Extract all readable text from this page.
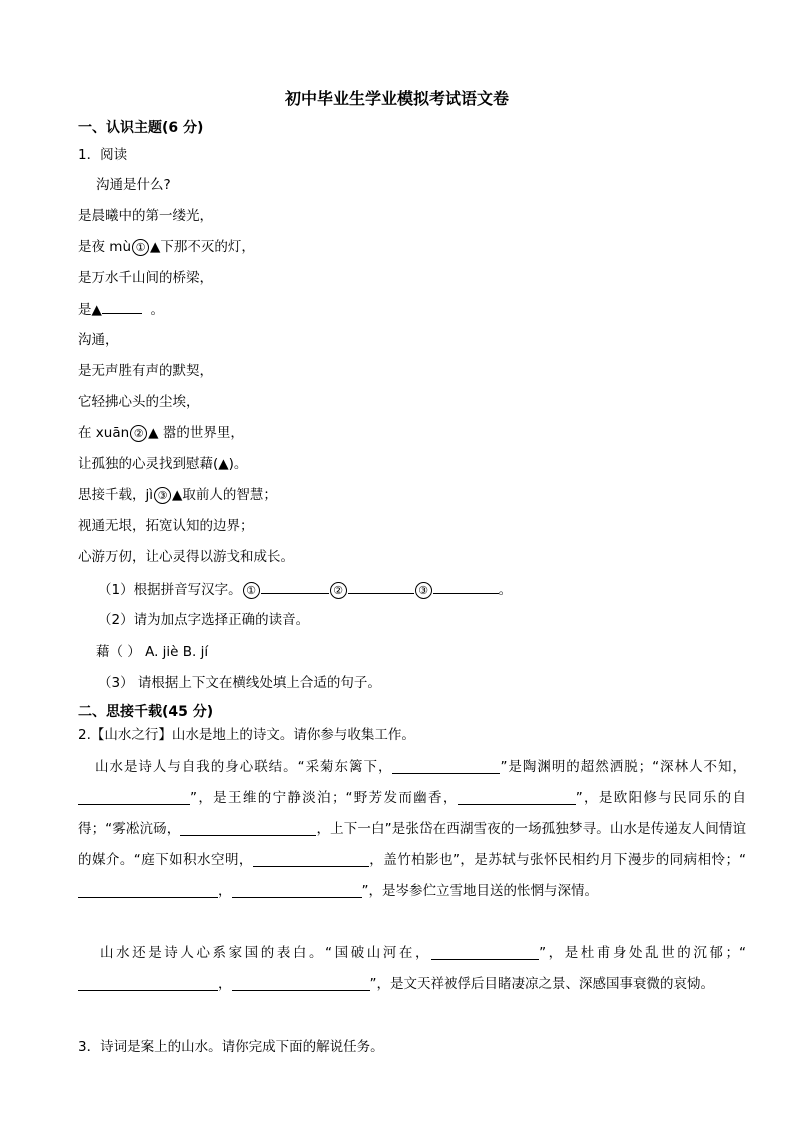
初中毕业生学业模拟考试语文卷
一、认识主题(6 分)
1．阅读
沟通是什么?
是晨曦中的第一缕光，
是夜 mù ① ▲下那不灭的灯，
是万水千山间的桥梁，
是▲	。
沟通，
是无声胜有声的默契，
它轻拂心头的尘埃，
在 xuān ② ▲ 嚣的世界里，
让孤独的心灵找到慰藉(▲)。
思接千载，jì ③ ▲取前人的智慧；
视通无垠，拓宽认知的边界；
心游万仞，让心灵得以游戈和成长。
（1）根据拼音写汉字。 ①	②	③	。
（2）请为加点字选择正确的读音。
藉（ ） A. jiè B. jí
（3） 请根据上下文在横线处填上合适的句子。
二、思接千载(45 分)
2.【山水之行】山水是地上的诗文。请你参与收集工作。
山水是诗人与自我的身心联结。“采菊东篱下，	”是陶渊明的超然洒脱；“深林人不知，”，是王维的宁静淡泊；“野芳发而幽香，	”，是欧阳修与民同乐的自得；“雾凇沆砀，	，上下一白”是张岱在西湖雪夜的一场孤独梦寻。山水是传递友人间情谊的媒介。“庭下如积水空明，	，盖竹柏影也”，是苏轼与张怀民相约月下漫步的同病相怜；“，	”，是岑参伫立雪地目送的怅惘与深情。
山水还是诗人心系家国的表白。“国破山河在，	”，是杜甫身处乱世的沉郁；“，	”，是文天祥被俘后目睹凄凉之景、深感国事衰微的哀恸。
3．诗词是案上的山水。请你完成下面的解说任务。
